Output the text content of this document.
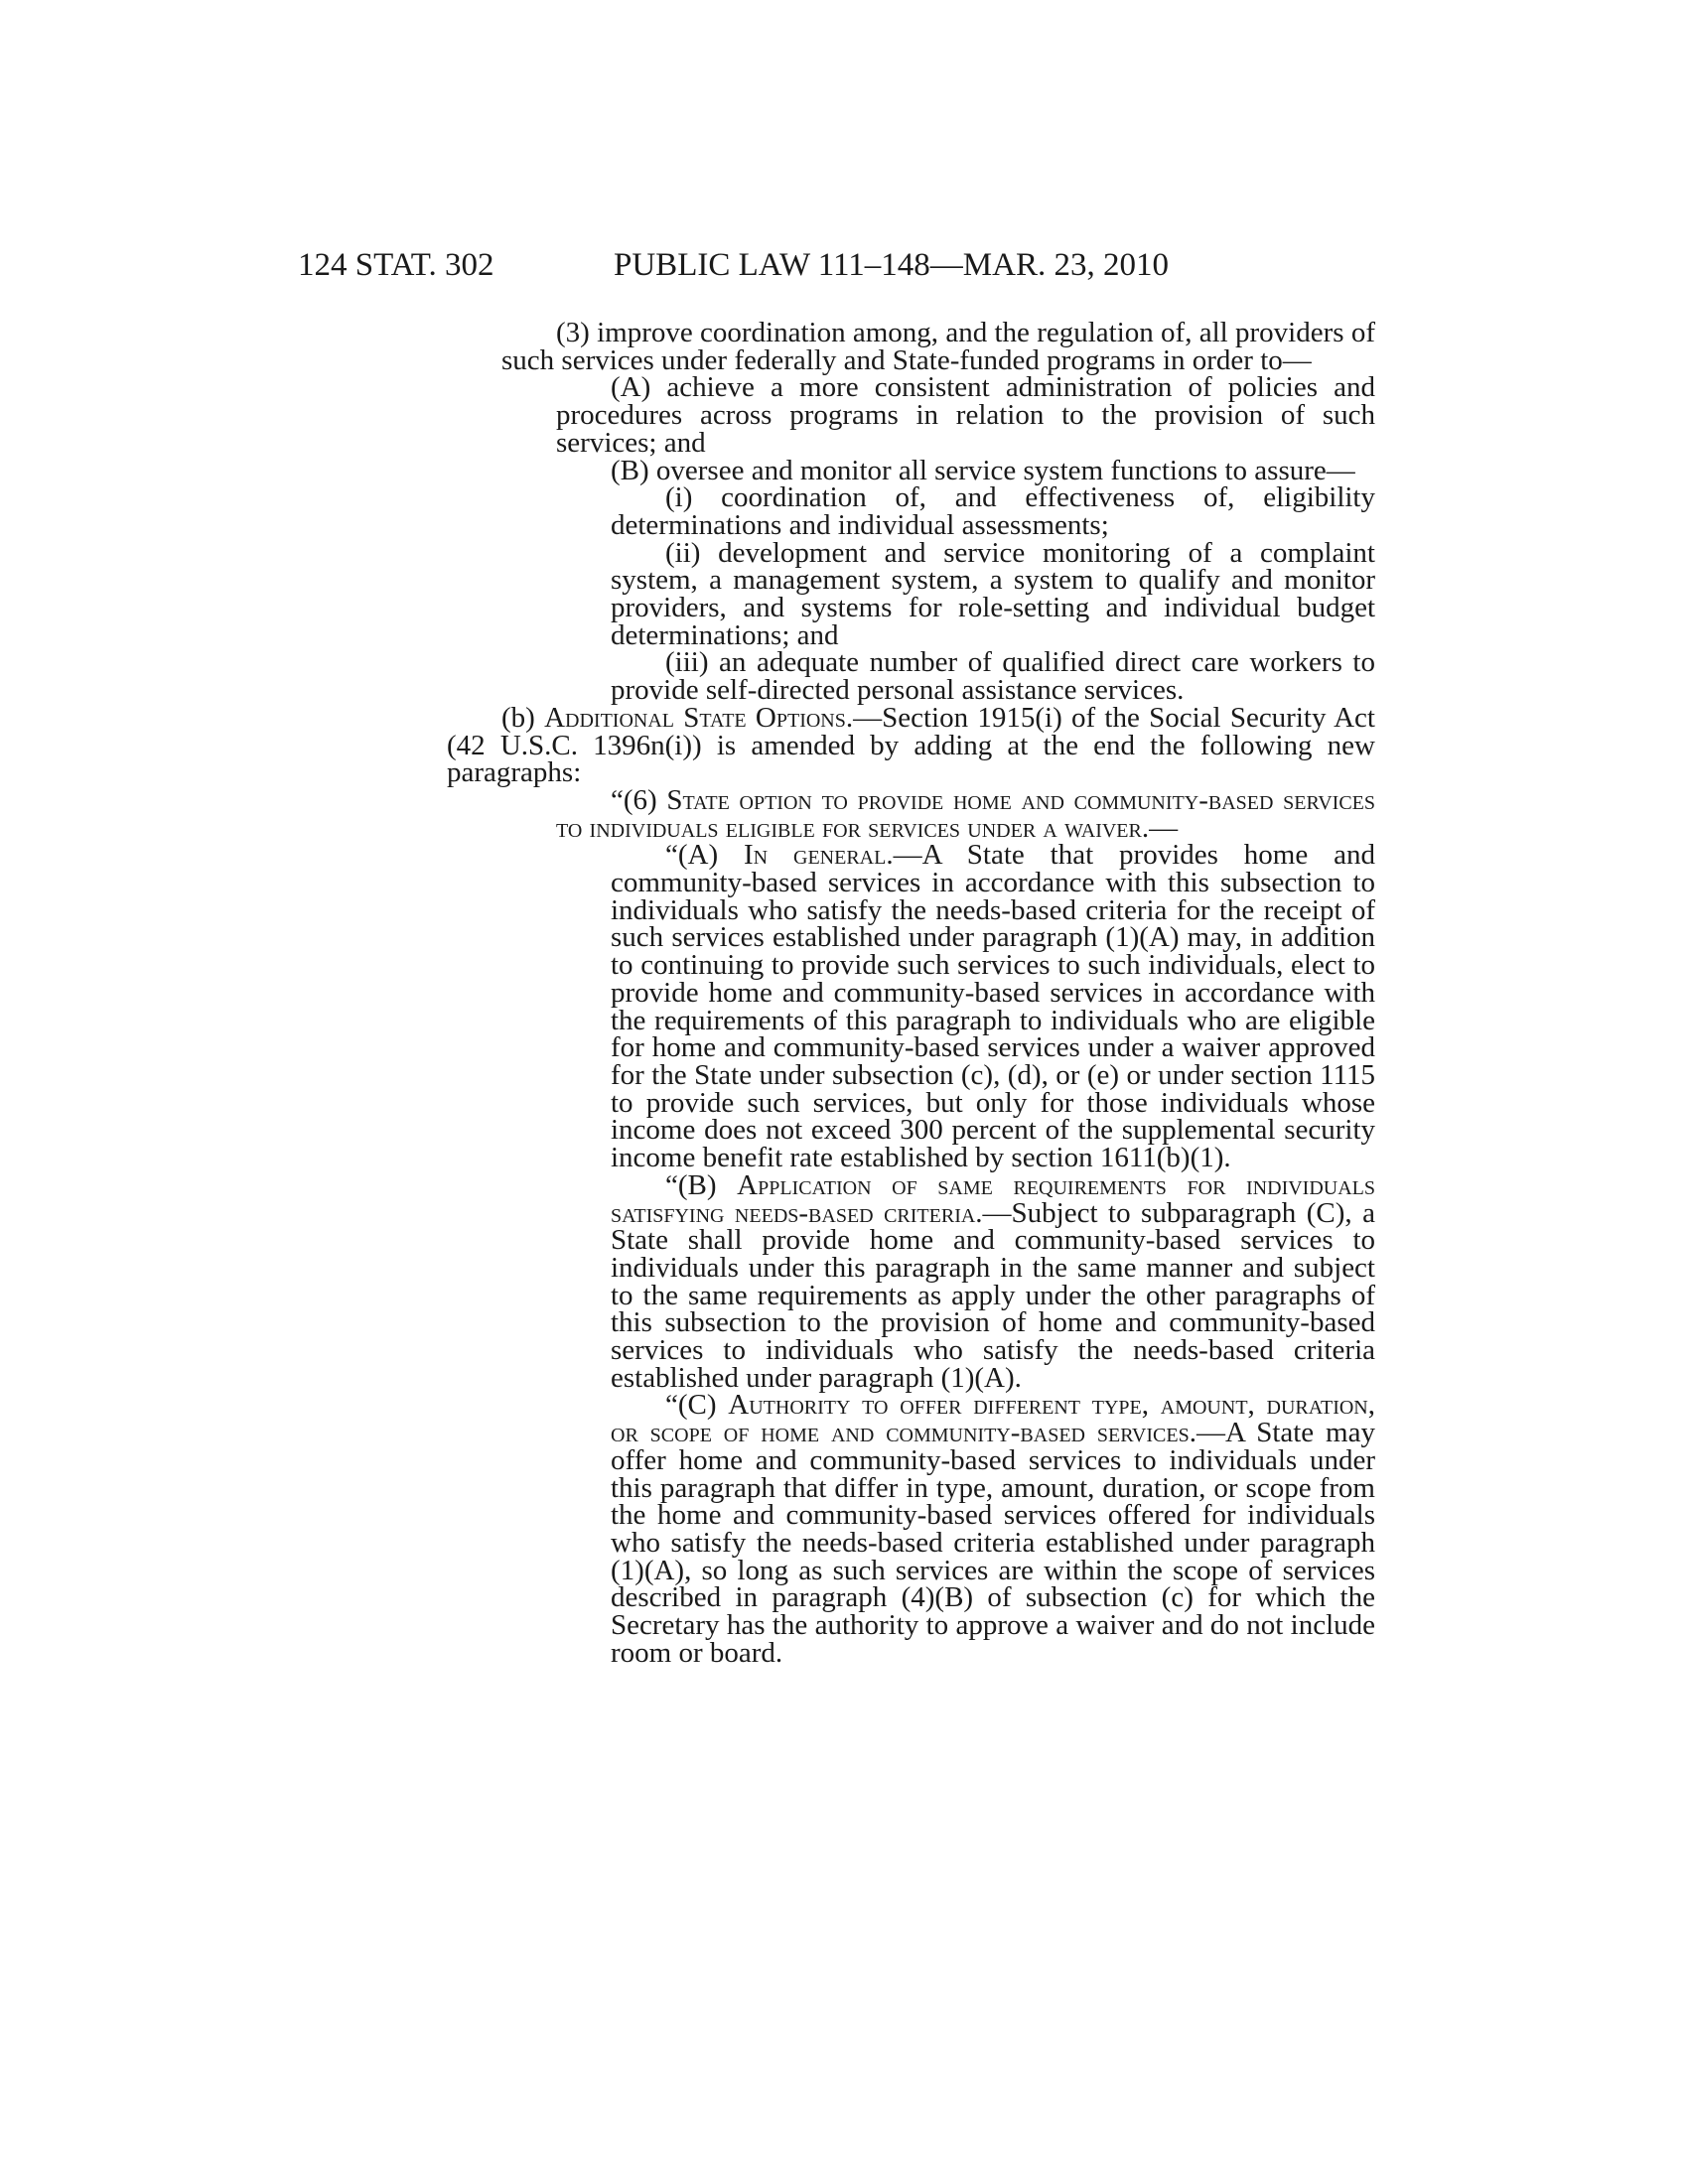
124 STAT. 302	PUBLIC LAW 111–148—MAR. 23, 2010

(3) improve coordination among, and the regulation of, all providers of such services under federally and State-funded programs in order to—

(A) achieve a more consistent administration of policies and procedures across programs in relation to the provision of such services; and

(B) oversee and monitor all service system functions to assure—

(i) coordination of, and effectiveness of, eligibility determinations and individual assessments;

(ii) development and service monitoring of a complaint system, a management system, a system to qualify and monitor providers, and systems for role-setting and individual budget determinations; and

(iii) an adequate number of qualified direct care workers to provide self-directed personal assistance services.

(b) Additional State Options.—Section 1915(i) of the Social Security Act (42 U.S.C. 1396n(i)) is amended by adding at the end the following new paragraphs:

“(6) State option to provide home and community-based services to individuals eligible for services under a waiver.—

“(A) In general.—A State that provides home and community-based services in accordance with this subsection to individuals who satisfy the needs-based criteria for the receipt of such services established under paragraph (1)(A) may, in addition to continuing to provide such services to such individuals, elect to provide home and community-based services in accordance with the requirements of this paragraph to individuals who are eligible for home and community-based services under a waiver approved for the State under subsection (c), (d), or (e) or under section 1115 to provide such services, but only for those individuals whose income does not exceed 300 percent of the supplemental security income benefit rate established by section 1611(b)(1).

“(B) Application of same requirements for individuals satisfying needs-based criteria.—Subject to subparagraph (C), a State shall provide home and community-based services to individuals under this paragraph in the same manner and subject to the same requirements as apply under the other paragraphs of this subsection to the provision of home and community-based services to individuals who satisfy the needs-based criteria established under paragraph (1)(A).

“(C) Authority to offer different type, amount, duration, or scope of home and community-based services.—A State may offer home and community-based services to individuals under this paragraph that differ in type, amount, duration, or scope from the home and community-based services offered for individuals who satisfy the needs-based criteria established under paragraph (1)(A), so long as such services are within the scope of services described in paragraph (4)(B) of subsection (c) for which the Secretary has the authority to approve a waiver and do not include room or board.
